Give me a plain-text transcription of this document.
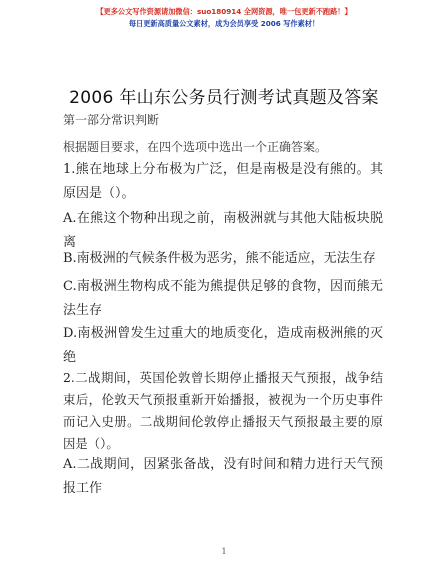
【更多公文写作资源请加微信：suo180914 全网资源，唯一包更新不跑路！】
每日更新高质量公文素材，成为会员享受 2006 写作素材！
2006 年山东公务员行测考试真题及答案
第一部分常识判断
根据题目要求，在四个选项中选出一个正确答案。
1.熊在地球上分布极为广泛，但是南极是没有熊的。其原因是（）。
A.在熊这个物种出现之前，南极洲就与其他大陆板块脱离
B.南极洲的气候条件极为恶劣，熊不能适应，无法生存
C.南极洲生物构成不能为熊提供足够的食物，因而熊无法生存
D.南极洲曾发生过重大的地质变化，造成南极洲熊的灭绝
2.二战期间，英国伦敦曾长期停止播报天气预报，战争结束后，伦敦天气预报重新开始播报，被视为一个历史事件而记入史册。二战期间伦敦停止播报天气预报最主要的原因是（）。
A.二战期间，因紧张备战，没有时间和精力进行天气预报工作
1
